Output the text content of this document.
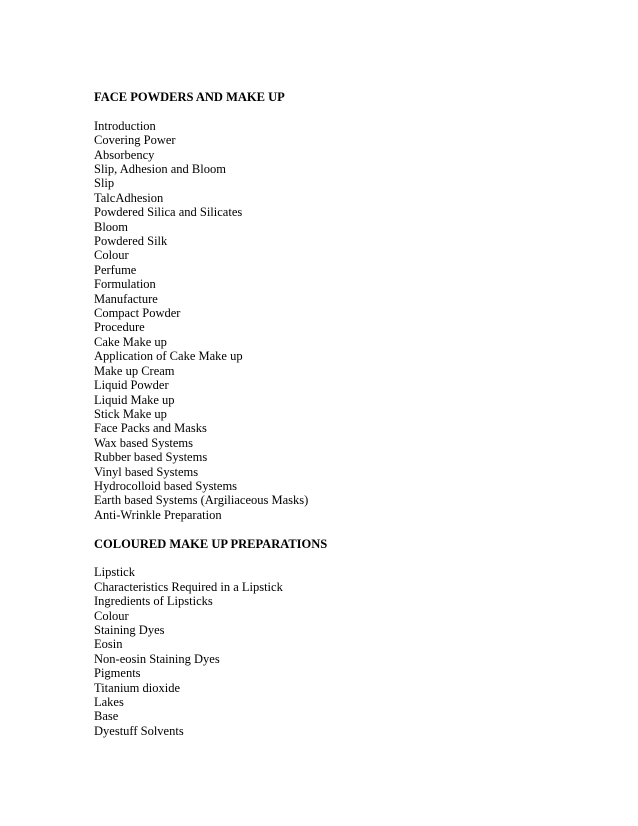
FACE POWDERS AND MAKE UP
Introduction
Covering Power
Absorbency
Slip, Adhesion and Bloom
Slip
TalcAdhesion
Powdered Silica and Silicates
Bloom
Powdered Silk
Colour
Perfume
Formulation
Manufacture
Compact Powder
Procedure
Cake Make up
Application of Cake Make up
Make up Cream
Liquid Powder
Liquid Make up
Stick Make up
Face Packs and Masks
Wax based Systems
Rubber based Systems
Vinyl based Systems
Hydrocolloid based Systems
Earth based Systems (Argiliaceous Masks)
Anti-Wrinkle Preparation
COLOURED MAKE UP PREPARATIONS
Lipstick
Characteristics Required in a Lipstick
Ingredients of Lipsticks
Colour
Staining Dyes
Eosin
Non-eosin Staining Dyes
Pigments
Titanium dioxide
Lakes
Base
Dyestuff Solvents
